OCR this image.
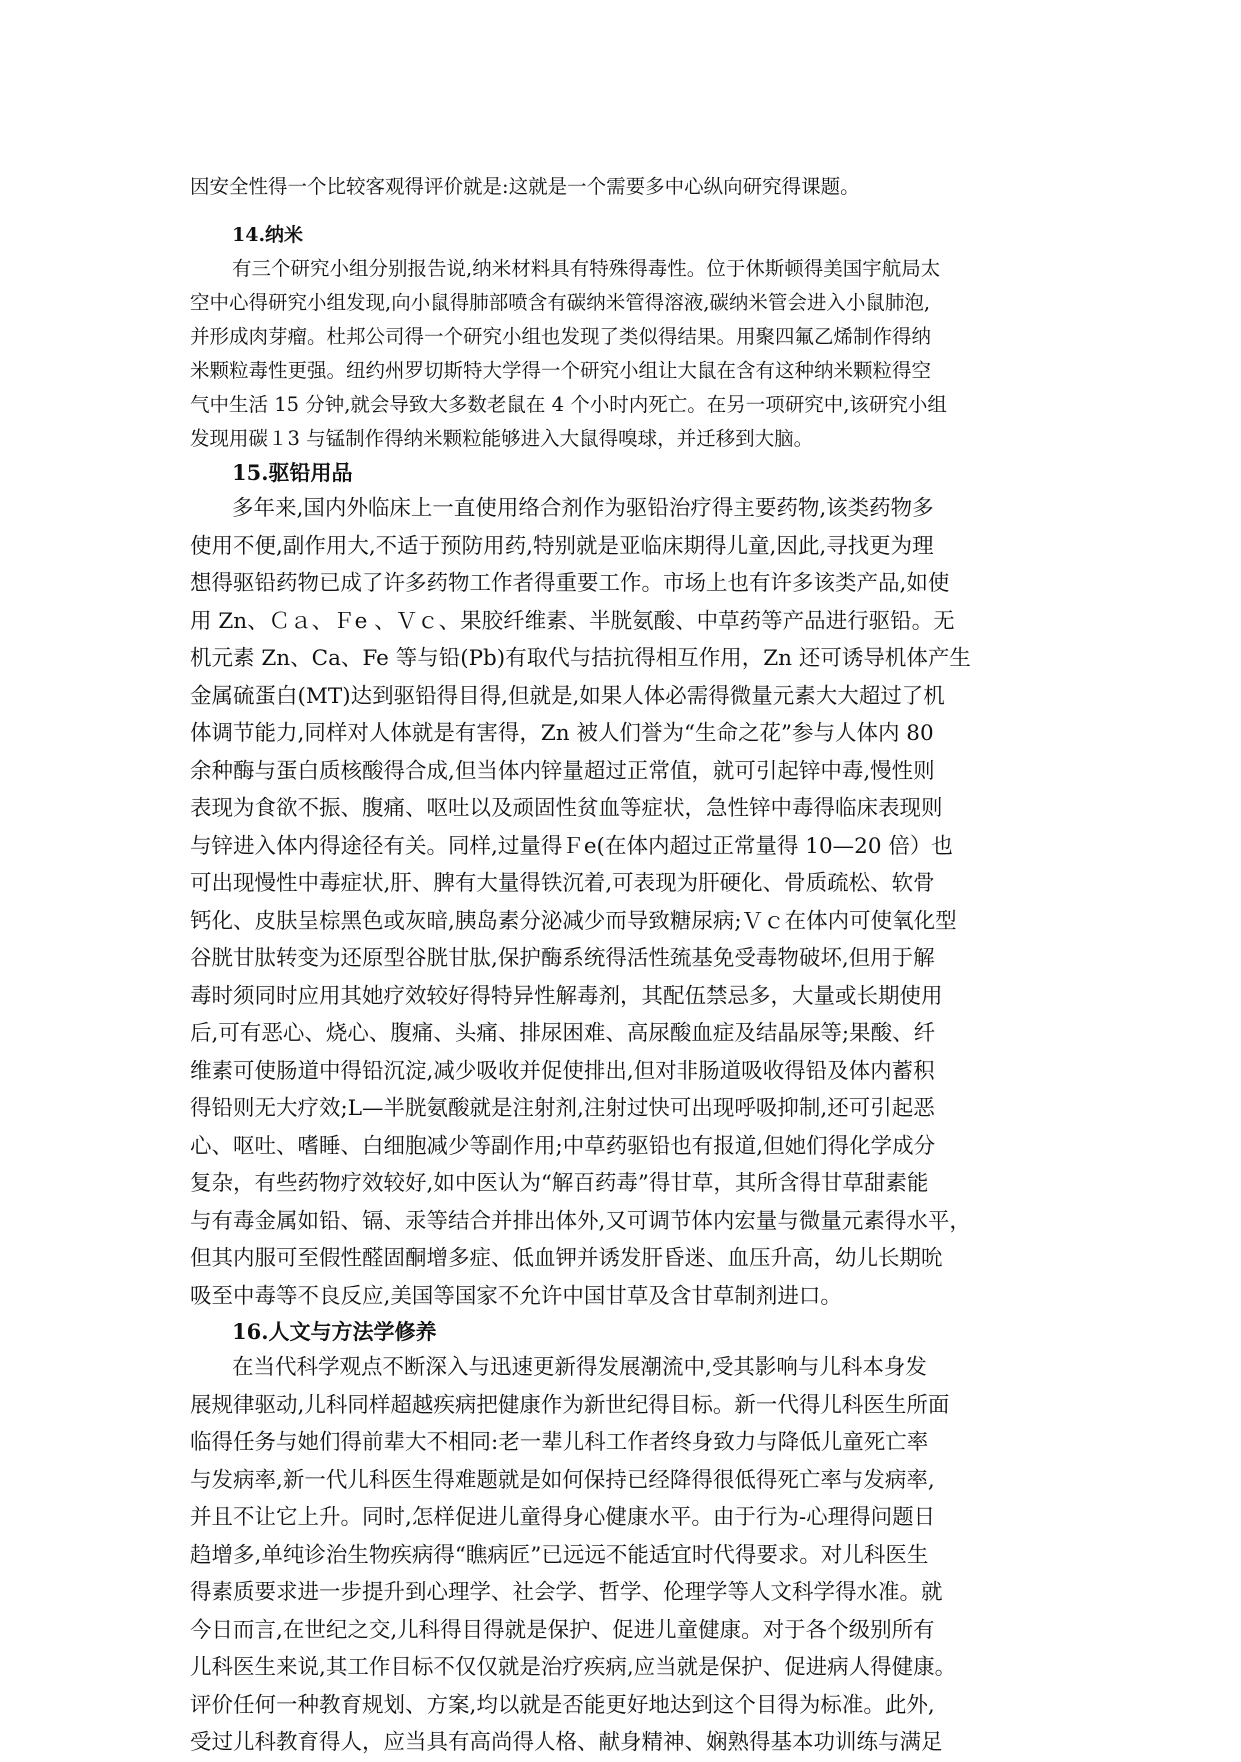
因安全性得一个比较客观得评价就是:这就是一个需要多中心纵向研究得课题。

14.纳米

有三个研究小组分别报告说,纳米材料具有特殊得毒性。位于休斯顿得美国宇航局太

空中心得研究小组发现,向小鼠得肺部喷含有碳纳米管得溶液,碳纳米管会进入小鼠肺泡,

并形成肉芽瘤。杜邦公司得一个研究小组也发现了类似得结果。用聚四氟乙烯制作得纳

米颗粒毒性更强。纽约州罗切斯特大学得一个研究小组让大鼠在含有这种纳米颗粒得空

气中生活 15 分钟,就会导致大多数老鼠在 4 个小时内死亡。在另一项研究中,该研究小组

发现用碳１3 与锰制作得纳米颗粒能够进入大鼠得嗅球，并迁移到大脑。

15.驱铅用品

多年来,国内外临床上一直使用络合剂作为驱铅治疗得主要药物,该类药物多

使用不便,副作用大,不适于预防用药,特别就是亚临床期得儿童,因此,寻找更为理

想得驱铅药物已成了许多药物工作者得重要工作。市场上也有许多该类产品,如使

用 Zn、Ｃａ、Ｆe 、Ｖｃ、果胶纤维素、半胱氨酸、中草药等产品进行驱铅。无

机元素 Zn、Ca、Fe 等与铅(Pb)有取代与拮抗得相互作用，Zn 还可诱导机体产生

金属硫蛋白(MT)达到驱铅得目得,但就是,如果人体必需得微量元素大大超过了机

体调节能力,同样对人体就是有害得，Zn 被人们誉为“生命之花”参与人体内 80

余种酶与蛋白质核酸得合成,但当体内锌量超过正常值，就可引起锌中毒,慢性则

表现为食欲不振、腹痛、呕吐以及顽固性贫血等症状，急性锌中毒得临床表现则

与锌进入体内得途径有关。同样,过量得Ｆe(在体内超过正常量得 10—20 倍）也

可出现慢性中毒症状,肝、脾有大量得铁沉着,可表现为肝硬化、骨质疏松、软骨

钙化、皮肤呈棕黑色或灰暗,胰岛素分泌减少而导致糖尿病;Ｖｃ在体内可使氧化型

谷胱甘肽转变为还原型谷胱甘肽,保护酶系统得活性巯基免受毒物破坏,但用于解

毒时须同时应用其她疗效较好得特异性解毒剂，其配伍禁忌多，大量或长期使用

后,可有恶心、烧心、腹痛、头痛、排尿困难、高尿酸血症及结晶尿等;果酸、纤

维素可使肠道中得铅沉淀,减少吸收并促使排出,但对非肠道吸收得铅及体内蓄积

得铅则无大疗效;L—半胱氨酸就是注射剂,注射过快可出现呼吸抑制,还可引起恶

心、呕吐、嗜睡、白细胞减少等副作用;中草药驱铅也有报道,但她们得化学成分

复杂，有些药物疗效较好,如中医认为“解百药毒”得甘草，其所含得甘草甜素能

与有毒金属如铅、镉、汞等结合并排出体外,又可调节体内宏量与微量元素得水平，

但其内服可至假性醛固酮增多症、低血钾并诱发肝昏迷、血压升高，幼儿长期吮

吸至中毒等不良反应,美国等国家不允许中国甘草及含甘草制剂进口。

16.人文与方法学修养

在当代科学观点不断深入与迅速更新得发展潮流中,受其影响与儿科本身发

展规律驱动,儿科同样超越疾病把健康作为新世纪得目标。新一代得儿科医生所面

临得任务与她们得前辈大不相同:老一辈儿科工作者终身致力与降低儿童死亡率

与发病率,新一代儿科医生得难题就是如何保持已经降得很低得死亡率与发病率,

并且不让它上升。同时,怎样促进儿童得身心健康水平。由于行为-心理得问题日

趋增多,单纯诊治生物疾病得“瞧病匠”已远远不能适宜时代得要求。对儿科医生

得素质要求进一步提升到心理学、社会学、哲学、伦理学等人文科学得水准。就

今日而言,在世纪之交,儿科得目得就是保护、促进儿童健康。对于各个级别所有

儿科医生来说,其工作目标不仅仅就是治疗疾病,应当就是保护、促进病人得健康。

评价任何一种教育规划、方案,均以就是否能更好地达到这个目得为标准。此外,

受过儿科教育得人，应当具有高尚得人格、献身精神、娴熟得基本功训练与满足
